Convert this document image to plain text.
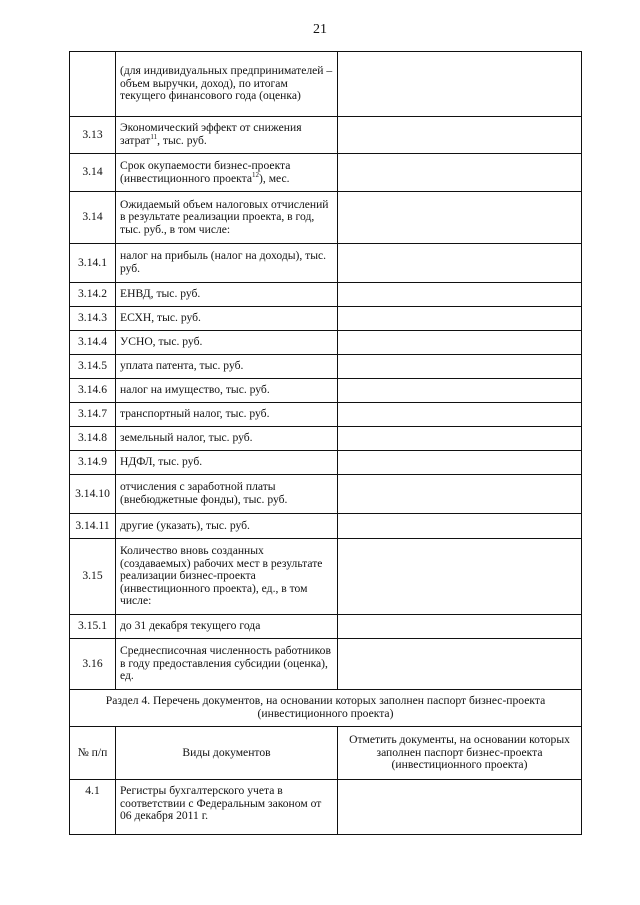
21
	(для индивидуальных предпринимателей – объем выручки, доход), по итогам текущего финансового года (оценка)	
3.13	Экономический эффект от снижения затрат$^{11}$, тыс. руб.	
3.14	Срок окупаемости бизнес-проекта (инвестиционного проекта$^{12}$), мес.	
3.14	Ожидаемый объем налоговых отчислений в результате реализации проекта, в год, тыс. руб., в том числе:	
3.14.1	налог на прибыль (налог на доходы), тыс. руб.	
3.14.2	ЕНВД, тыс. руб.	
3.14.3	ЕСХН, тыс. руб.	
3.14.4	УСНО, тыс. руб.	
3.14.5	уплата патента, тыс. руб.	
3.14.6	налог на имущество, тыс. руб.	
3.14.7	транспортный налог, тыс. руб.	
3.14.8	земельный налог, тыс. руб.	
3.14.9	НДФЛ, тыс. руб.	
3.14.10	отчисления с заработной платы (внебюджетные фонды), тыс. руб.	
3.14.11	другие (указать), тыс. руб.	
3.15	Количество вновь созданных (создаваемых) рабочих мест в результате реализации бизнес-проекта (инвестиционного проекта), ед., в том числе:	
3.15.1	до 31 декабря текущего года	
3.16	Среднесписочная численность работников в году предоставления субсидии (оценка), ед.	
Раздел 4. Перечень документов, на основании которых заполнен паспорт бизнес-проекта (инвестиционного проекта)		
№ п/п	Виды документов	Отметить документы, на основании которых заполнен паспорт бизнес-проекта (инвестиционного проекта)
4.1	Регистры бухгалтерского учета в соответствии с Федеральным законом от 06 декабря 2011 г.	
